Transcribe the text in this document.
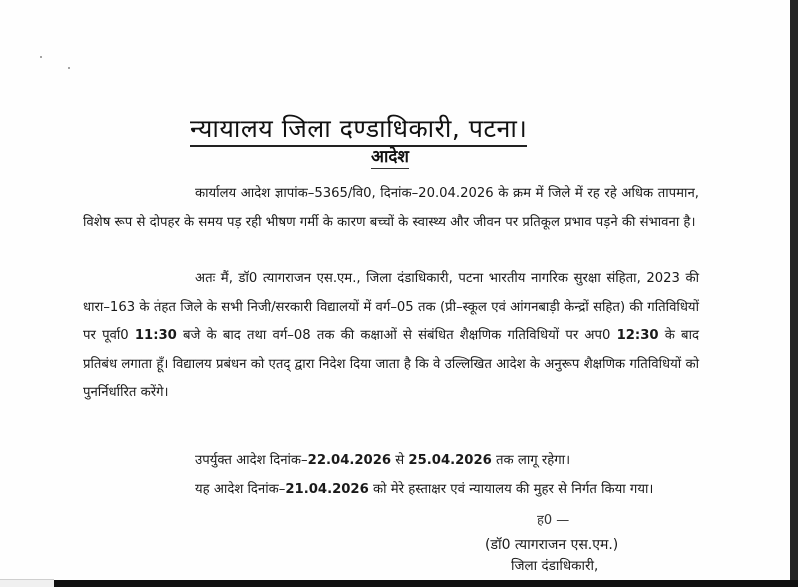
न्यायालय जिला दण्डाधिकारी, पटना।
आदेश
कार्यालय आदेश ज्ञापांक–5365/वि0, दिनांक–20.04.2026 के क्रम में जिले में रह रहे अधिक तापमान, विशेष रूप से दोपहर के समय पड़ रही भीषण गर्मी के कारण बच्चों के स्वास्थ्य और जीवन पर प्रतिकूल प्रभाव पड़ने की संभावना है।
अतः मैं, डॉ0 त्यागराजन एस.एम., जिला दंडाधिकारी, पटना भारतीय नागरिक सुरक्षा संहिता, 2023 की धारा–163 के तहत जिले के सभी निजी/सरकारी विद्यालयों में वर्ग–05 तक (प्री–स्कूल एवं आंगनबाड़ी केन्द्रों सहित) की गतिविधियों पर पूर्वा0 11:30 बजे के बाद तथा वर्ग–08 तक की कक्षाओं से संबंधित शैक्षणिक गतिविधियों पर अप0 12:30 के बाद प्रतिबंध लगाता हूँ। विद्यालय प्रबंधन को एतद् द्वारा निदेश दिया जाता है कि वे उल्लिखित आदेश के अनुरूप शैक्षणिक गतिविधियों को पुनर्निर्धारित करेंगे।
उपर्युक्त आदेश दिनांक–22.04.2026 से 25.04.2026 तक लागू रहेगा।
यह आदेश दिनांक–21.04.2026 को मेरे हस्ताक्षर एवं न्यायालय की मुहर से निर्गत किया गया।
ह0 —
(डॉ0 त्यागराजन एस.एम.)
जिला दंडाधिकारी,
